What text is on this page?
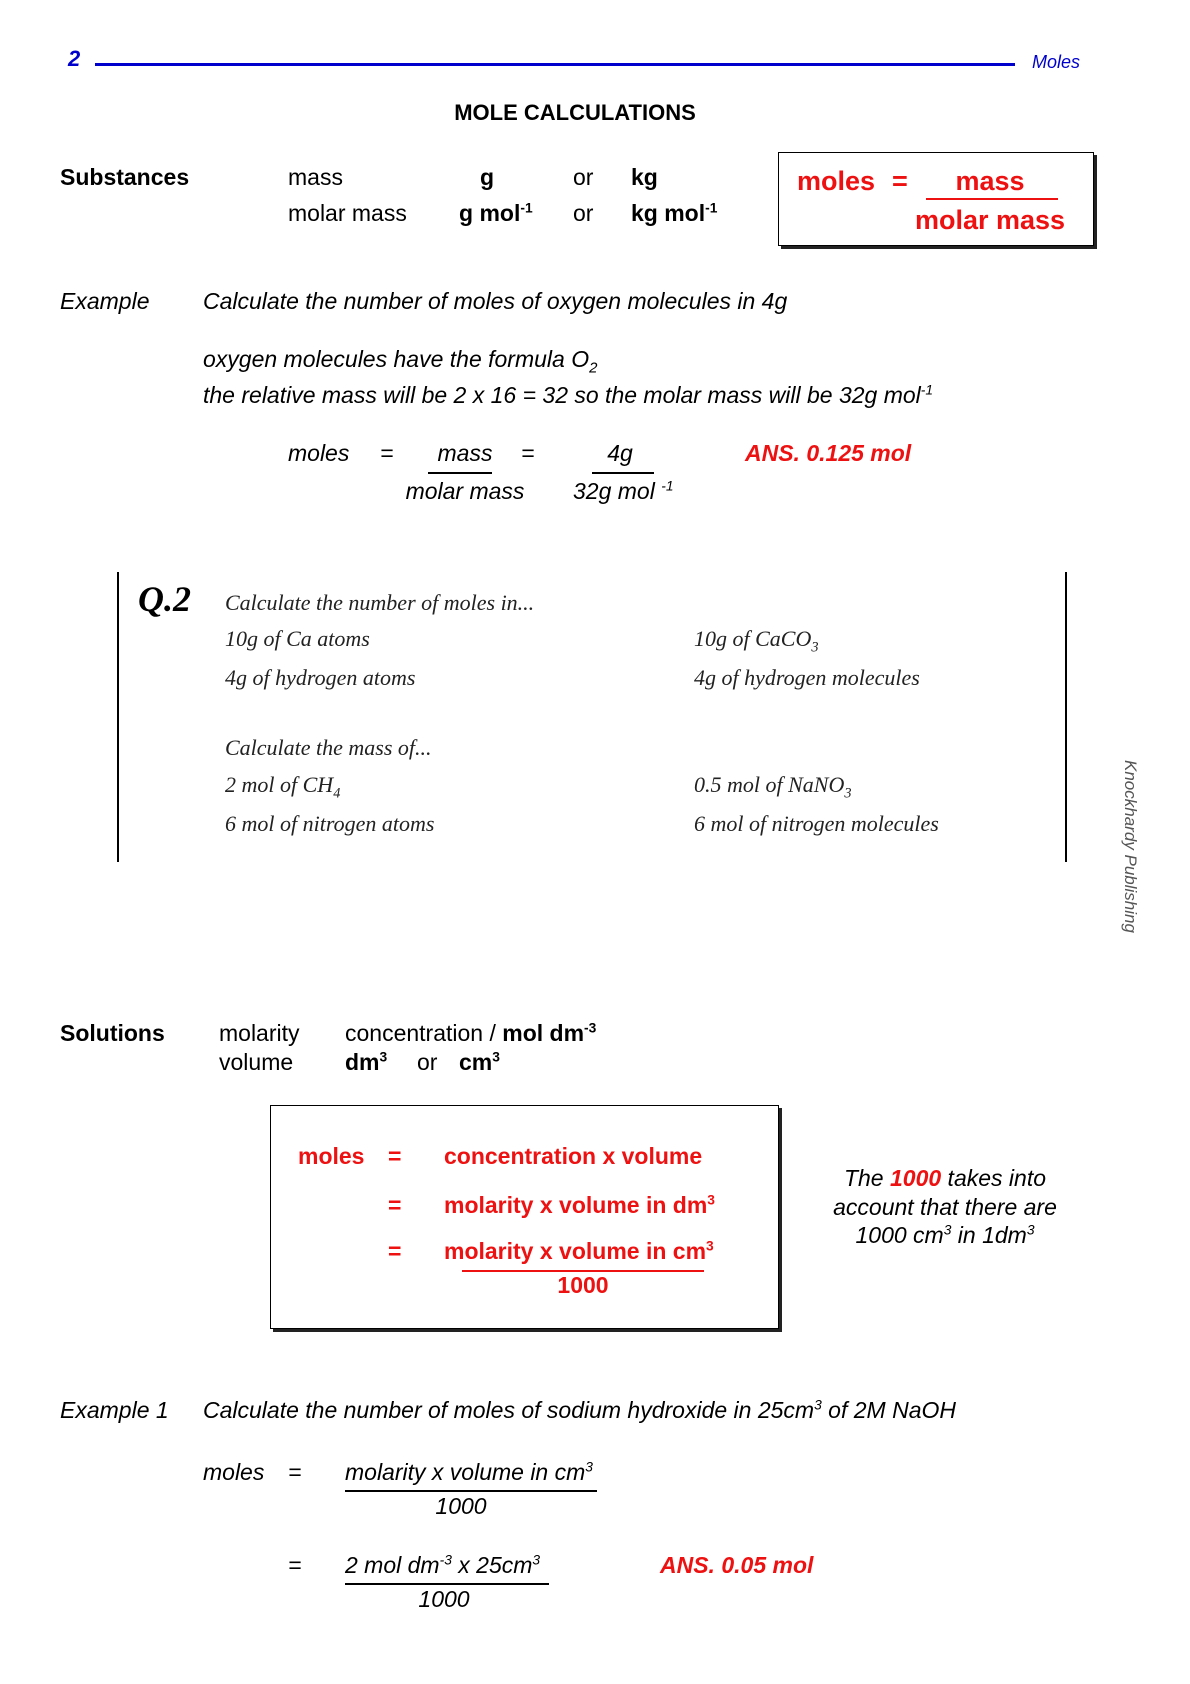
2	Moles
MOLE CALCULATIONS
Substances	mass	g	or kg
molar mass g mol$^{-1}$ or kg mol$^{-1}$
moles =	mass
molar mass
Example Calculate the number of moles of oxygen molecules in 4g
oxygen molecules have the formula $O_2$
the relative mass will be 2 x 16 = 32 so the molar mass will be 32g mol$^{-1}$
moles =	mass
molar mass
=	4g
32g mol $^{-1}$
ANS. 0.125 mol
Q.2 Calculate the number of moles in...
10g of Ca atoms	10g of CaCO$_3$
4g of hydrogen atoms	4g of hydrogen molecules
Calculate the mass of...
2 mol of $CH_4$	0.5 mol of NaNO$_3$
6 mol of nitrogen atoms	6 mol of nitrogen molecules	Knockhardy Publishing
Solutions molarity concentration / mol $dm^{-3}$
volume $dm^3$ or $cm^3$
moles = concentration x volume
= molarity x volume in $dm^3$
= molarity x volume in $cm^3$
1000
The 1000 takes into
account that there are
1000 $cm^3$ in $1dm^3$
Example 1 Calculate the number of moles of sodium hydroxide in $25cm^3$ of 2M NaOH
moles = molarity x volume in $cm^3$
1000
= 2 mol $dm^{-3}$ x $25cm^3$
1000
ANS. 0.05 mol
